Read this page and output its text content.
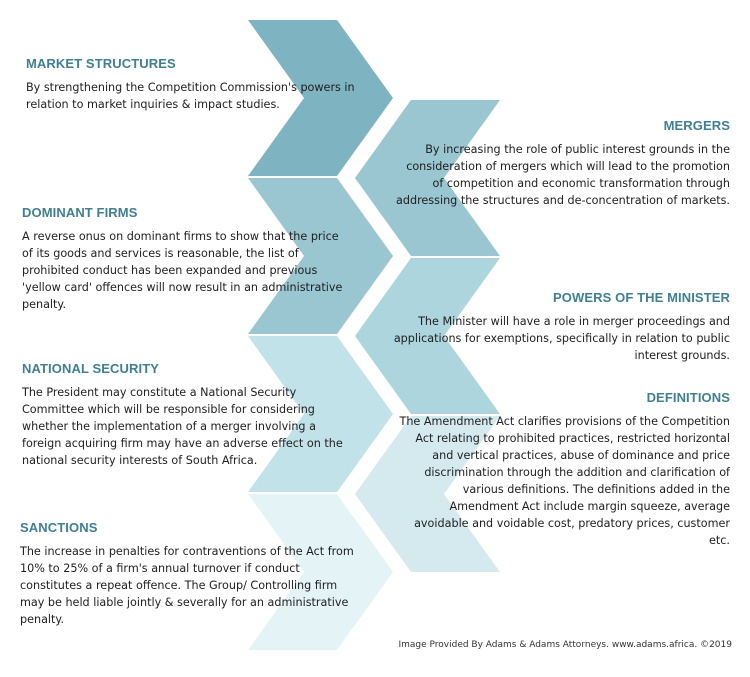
MARKET STRUCTURES

By strengthening the Competition Commission's powers in relation to market inquiries & impact studies.

DOMINANT FIRMS

A reverse onus on dominant firms to show that the price of its goods and services is reasonable, the list of prohibited conduct has been expanded and previous 'yellow card' offences will now result in an administrative penalty.

NATIONAL SECURITY

The President may constitute a National Security Committee which will be responsible for considering whether the implementation of a merger involving a foreign acquiring firm may have an adverse effect on the national security interests of South Africa.

SANCTIONS

The increase in penalties for contraventions of the Act from 10% to 25% of a firm's annual turnover if conduct constitutes a repeat offence. The Group/ Controlling firm may be held liable jointly & severally for an administrative penalty.

MERGERS

By increasing the role of public interest grounds in the consideration of mergers which will lead to the promotion of competition and economic transformation through addressing the structures and de-concentration of markets.

POWERS OF THE MINISTER

The Minister will have a role in merger proceedings and applications for exemptions, specifically in relation to public interest grounds.

DEFINITIONS

The Amendment Act clarifies provisions of the Competition Act relating to prohibited practices, restricted horizontal and vertical practices, abuse of dominance and price discrimination through the addition and clarification of various definitions. The definitions added in the Amendment Act include margin squeeze, average avoidable and voidable cost, predatory prices, customer etc.

Image Provided By Adams & Adams Attorneys. www.adams.africa. ©2019
